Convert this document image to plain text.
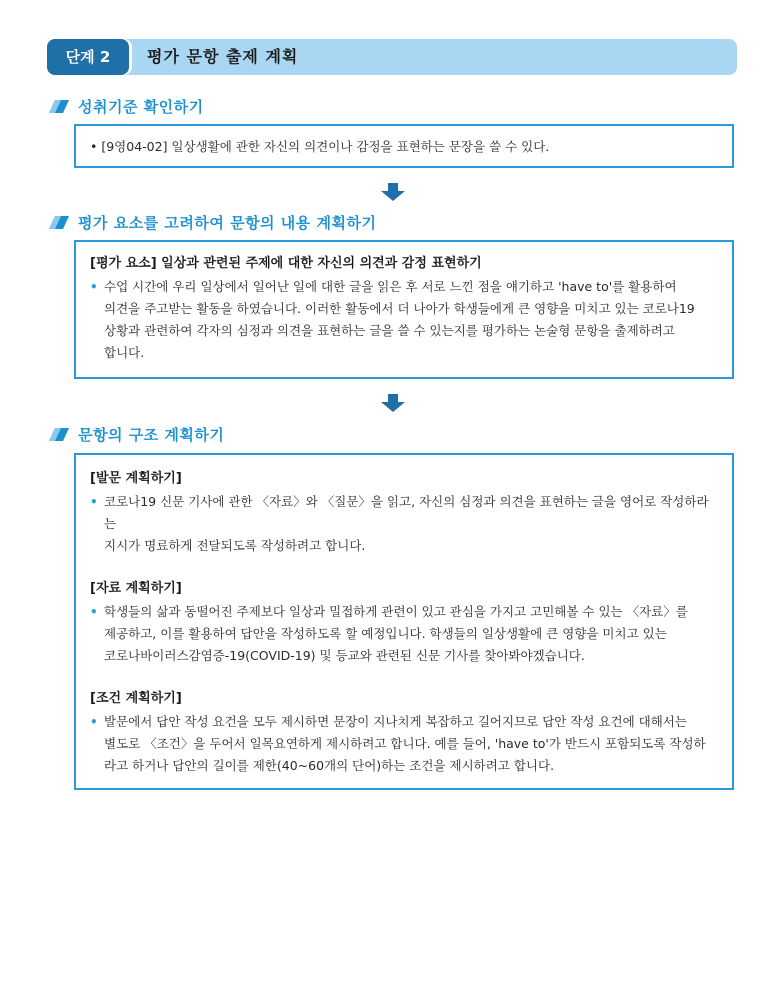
단계 2	평가 문항 출제 계획
성취기준 확인하기
• [9영04-02] 일상생활에 관한 자신의 의견이나 감정을 표현하는 문장을 쓸 수 있다.
평가 요소를 고려하여 문항의 내용 계획하기
[평가 요소] 일상과 관련된 주제에 대한 자신의 의견과 감정 표현하기
• 수업 시간에 우리 일상에서 일어난 일에 대한 글을 읽은 후 서로 느낀 점을 얘기하고 'have to'를 활용하여
의견을 주고받는 활동을 하였습니다. 이러한 활동에서 더 나아가 학생들에게 큰 영향을 미치고 있는 코로나19
상황과 관련하여 각자의 심정과 의견을 표현하는 글을 쓸 수 있는지를 평가하는 논술형 문항을 출제하려고
합니다.
문항의 구조 계획하기
[발문 계획하기]
• 코로나19 신문 기사에 관한 〈자료〉와 〈질문〉을 읽고, 자신의 심정과 의견을 표현하는 글을 영어로 작성하라는
지시가 명료하게 전달되도록 작성하려고 합니다.
[자료 계획하기]
• 학생들의 삶과 동떨어진 주제보다 일상과 밀접하게 관련이 있고 관심을 가지고 고민해볼 수 있는 〈자료〉를
제공하고, 이를 활용하여 답안을 작성하도록 할 예정입니다. 학생들의 일상생활에 큰 영향을 미치고 있는
코로나바이러스감염증-19(COVID-19) 및 등교와 관련된 신문 기사를 찾아봐야겠습니다.
[조건 계획하기]
• 발문에서 답안 작성 요건을 모두 제시하면 문장이 지나치게 복잡하고 길어지므로 답안 작성 요건에 대해서는
별도로 〈조건〉을 두어서 일목요연하게 제시하려고 합니다. 예를 들어, 'have to'가 반드시 포함되도록 작성하
라고 하거나 답안의 길이를 제한(40~60개의 단어)하는 조건을 제시하려고 합니다.
